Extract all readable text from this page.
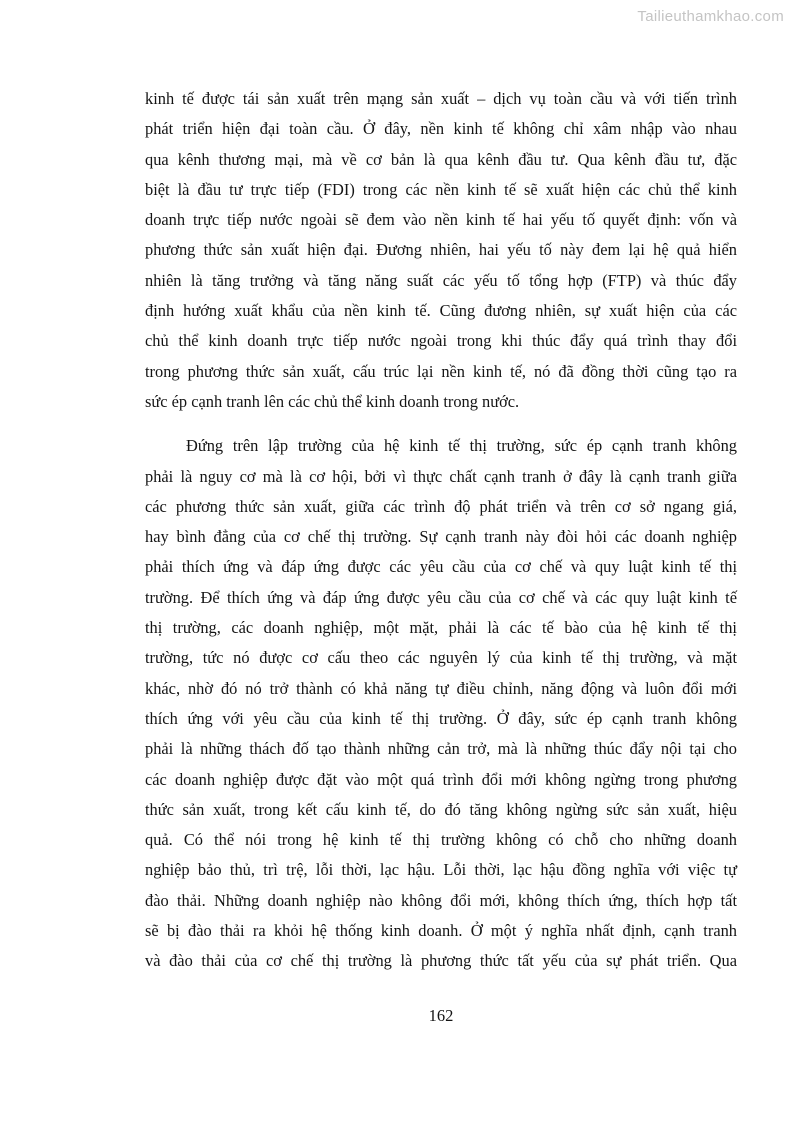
Tailieuthamkhao.com
kinh tế được tái sản xuất trên mạng sản xuất – dịch vụ toàn cầu và với tiến trình
phát triển hiện đại toàn cầu. Ở đây, nền kinh tế không chỉ xâm nhập vào nhau
qua kênh thương mại, mà về cơ bản là qua kênh đầu tư. Qua kênh đầu tư, đặc
biệt là đầu tư trực tiếp (FDI) trong các nền kinh tế sẽ xuất hiện các chủ thể kinh
doanh trực tiếp nước ngoài sẽ đem vào nền kinh tế hai yếu tố quyết định: vốn và
phương thức sản xuất hiện đại. Đương nhiên, hai yếu tố này đem lại hệ quả hiển
nhiên là tăng trưởng và tăng năng suất các yếu tố tổng hợp (FTP) và thúc đẩy
định hướng xuất khẩu của nền kinh tế. Cũng đương nhiên, sự xuất hiện của các
chủ thể kinh doanh trực tiếp nước ngoài trong khi thúc đẩy quá trình thay đổi
trong phương thức sản xuất, cấu trúc lại nền kinh tế, nó đã đồng thời cũng tạo ra
sức ép cạnh tranh lên các chủ thể kinh doanh trong nước.
Đứng trên lập trường của hệ kinh tế thị trường, sức ép cạnh tranh không
phải là nguy cơ mà là cơ hội, bởi vì thực chất cạnh tranh ở đây là cạnh tranh giữa
các phương thức sản xuất, giữa các trình độ phát triển và trên cơ sở ngang giá,
hay bình đẳng của cơ chế thị trường. Sự cạnh tranh này đòi hỏi các doanh nghiệp
phải thích ứng và đáp ứng được các yêu cầu của cơ chế và quy luật kinh tế thị
trường. Để thích ứng và đáp ứng được yêu cầu của cơ chế và các quy luật kinh tế
thị trường, các doanh nghiệp, một mặt, phải là các tế bào của hệ kinh tế thị
trường, tức nó được cơ cấu theo các nguyên lý của kinh tế thị trường, và mặt
khác, nhờ đó nó trở thành có khả năng tự điều chỉnh, năng động và luôn đổi mới
thích ứng với yêu cầu của kinh tế thị trường. Ở đây, sức ép cạnh tranh không
phải là những thách đố tạo thành những cản trở, mà là những thúc đẩy nội tại cho
các doanh nghiệp được đặt vào một quá trình đổi mới không ngừng trong phương
thức sản xuất, trong kết cấu kinh tế, do đó tăng không ngừng sức sản xuất, hiệu
quả. Có thể nói trong hệ kinh tế thị trường không có chỗ cho những doanh
nghiệp bảo thủ, trì trệ, lỗi thời, lạc hậu. Lỗi thời, lạc hậu đồng nghĩa với việc tự
đào thải. Những doanh nghiệp nào không đổi mới, không thích ứng, thích hợp tất
sẽ bị đào thải ra khỏi hệ thống kinh doanh. Ở một ý nghĩa nhất định, cạnh tranh
và đào thải của cơ chế thị trường là phương thức tất yếu của sự phát triển. Qua
162
